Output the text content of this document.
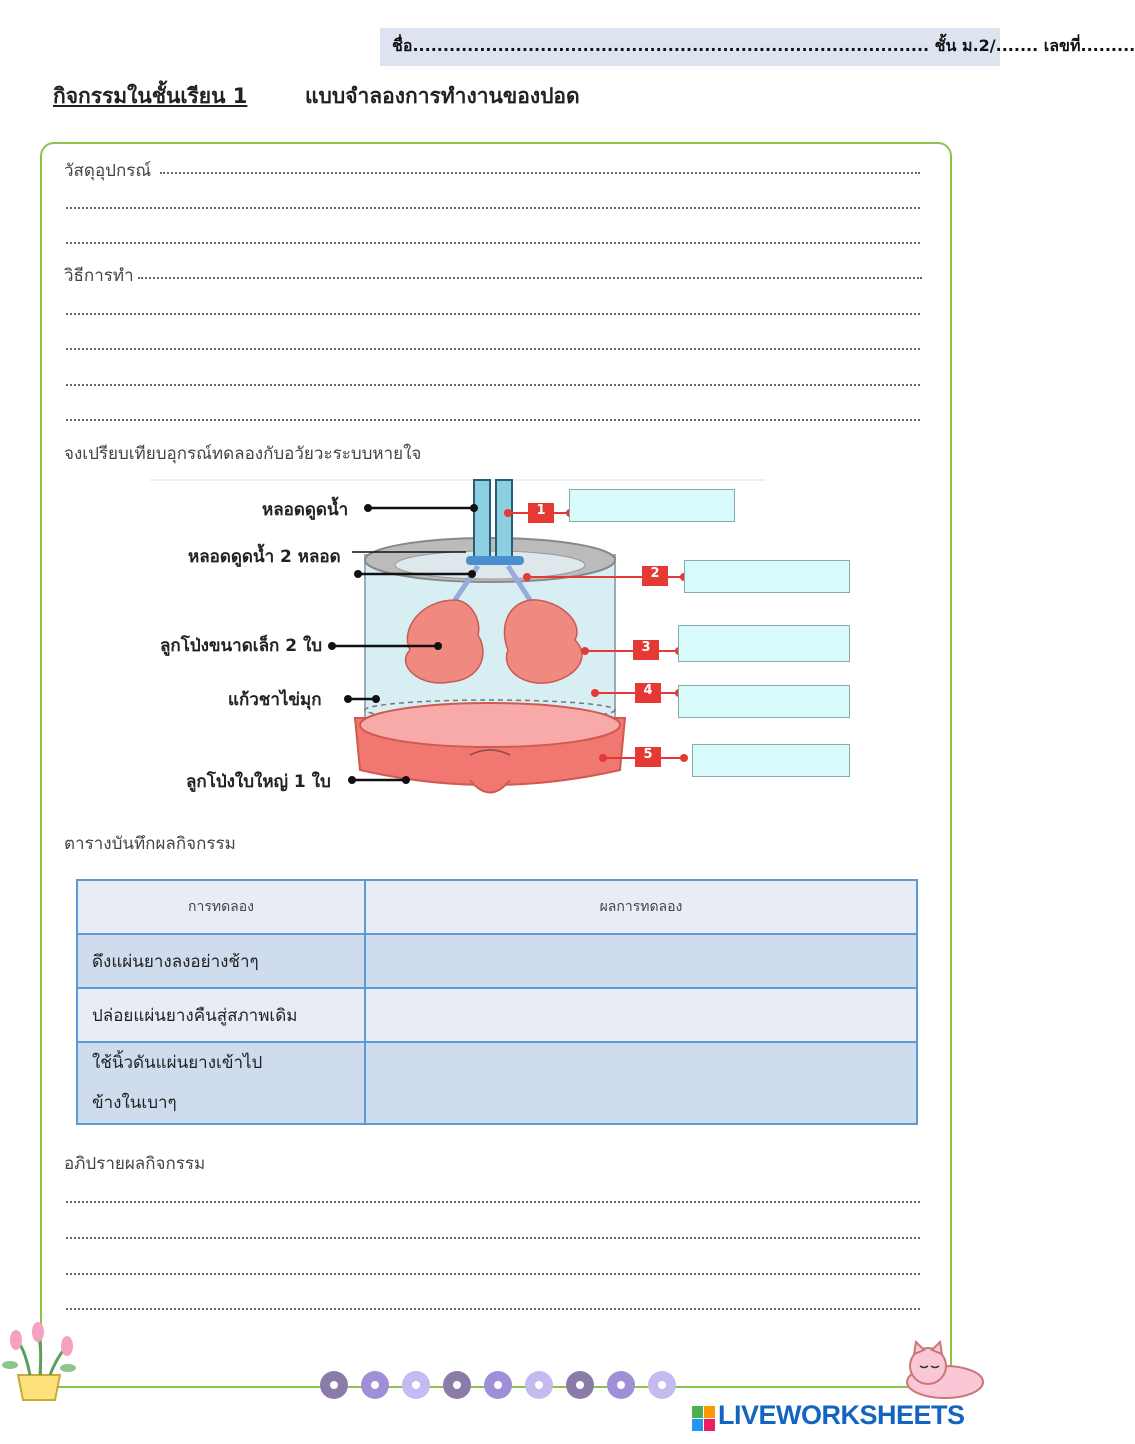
ชื่อ..................................................................................... ชั้น ม.2/....... เลขที่.........
กิจกรรมในชั้นเรียน 1	แบบจำลองการทำงานของปอด
วัสดุอุปกรณ์
วิธีการทำ
จงเปรียบเทียบอุกรณ์ทดลองกับอวัยวะระบบหายใจ
1
2
3
4
5
หลอดดูดน้ำ
หลอดดูดน้ำ 2 หลอด
ลูกโป่งขนาดเล็ก 2 ใบ
แก้วชาไข่มุก
ลูกโป่งใบใหญ่ 1 ใบ
ตารางบันทึกผลกิจกรรม
การทดลอง	ผลการทดลอง
ดึงแผ่นยางลงอย่างช้าๆ	
ปล่อยแผ่นยางคืนสู่สภาพเดิม	

ใช้นิ้วดันแผ่นยางเข้าไป
ข้างในเบาๆ	

อภิปรายผลกิจกรรม
LIVEWORKSHEETS
